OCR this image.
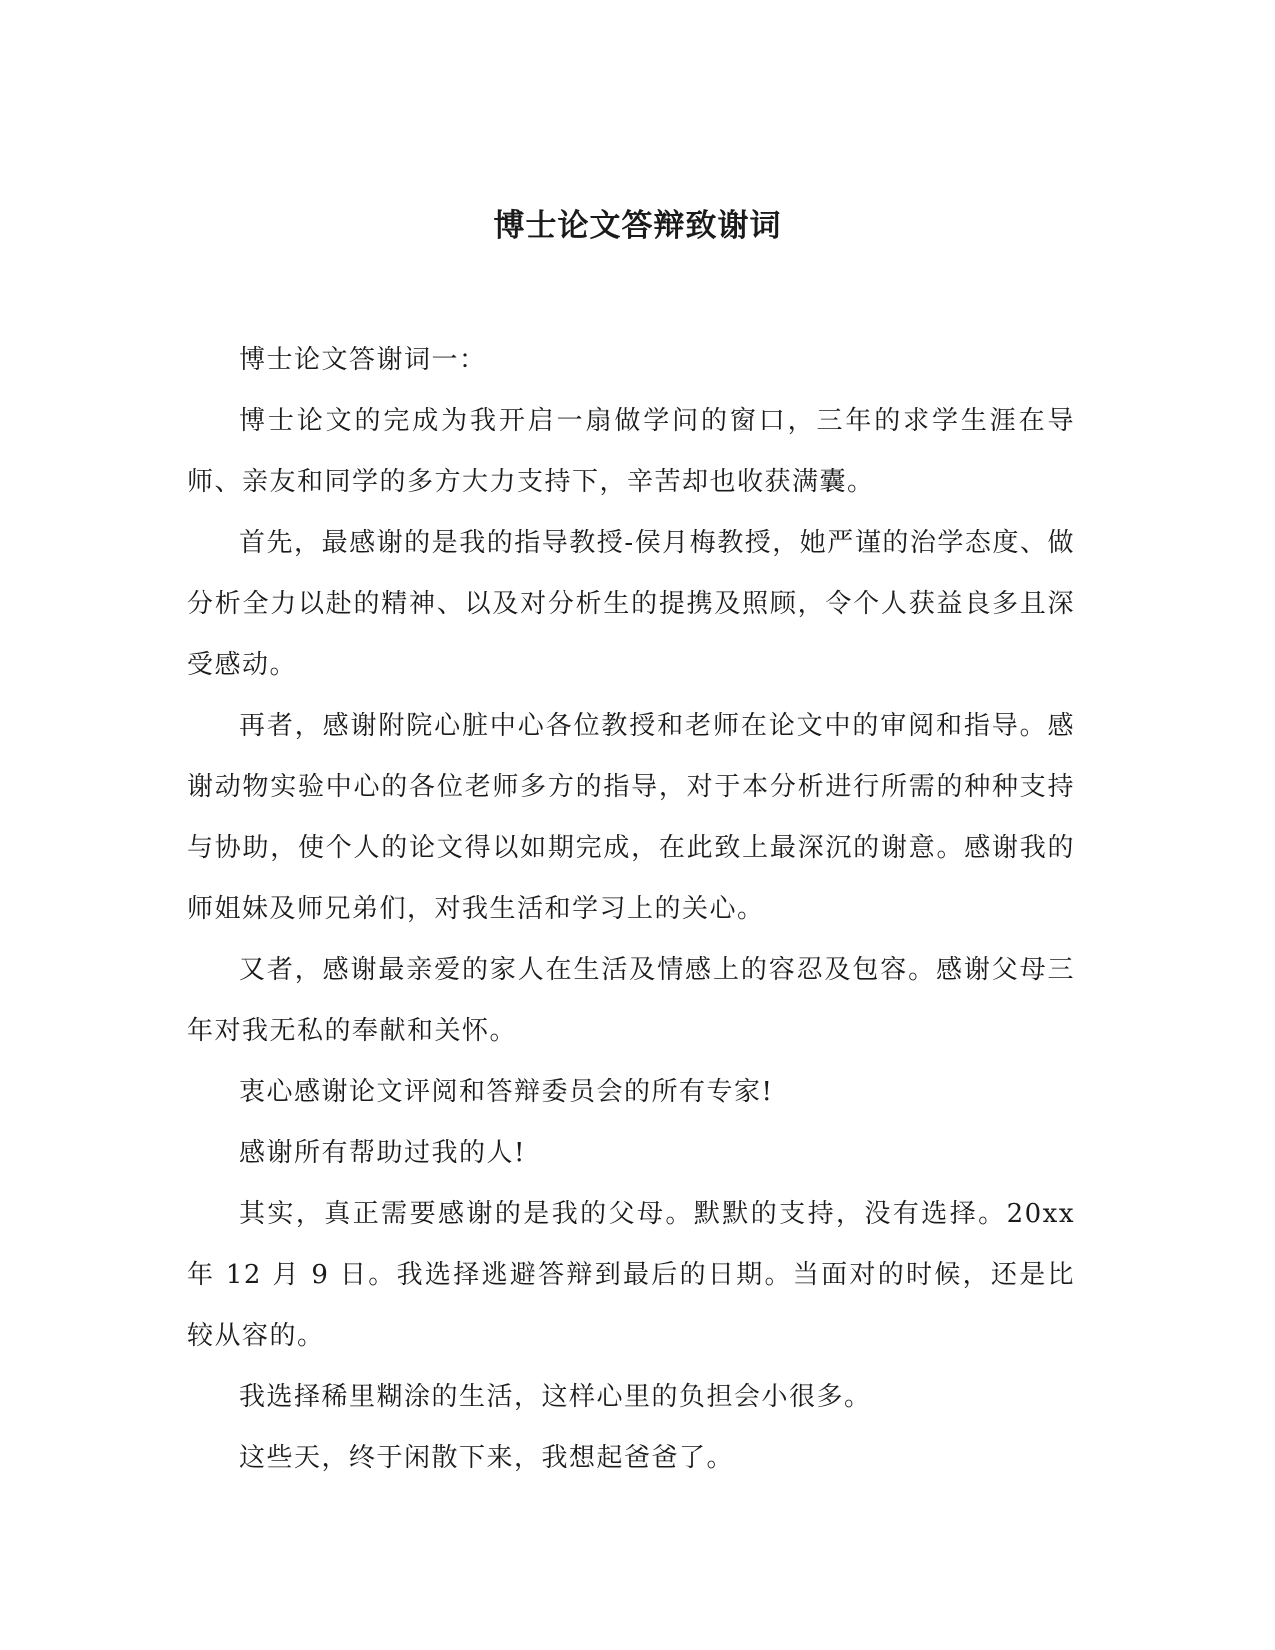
博士论文答辩致谢词

博士论文答谢词一：

博士论文的完成为我开启一扇做学问的窗口，三年的求学生涯在导师、亲友和同学的多方大力支持下，辛苦却也收获满囊。

首先，最感谢的是我的指导教授-侯月梅教授，她严谨的治学态度、做分析全力以赴的精神、以及对分析生的提携及照顾，令个人获益良多且深受感动。

再者，感谢附院心脏中心各位教授和老师在论文中的审阅和指导。感谢动物实验中心的各位老师多方的指导，对于本分析进行所需的种种支持与协助，使个人的论文得以如期完成，在此致上最深沉的谢意。感谢我的师姐妹及师兄弟们，对我生活和学习上的关心。

又者，感谢最亲爱的家人在生活及情感上的容忍及包容。感谢父母三年对我无私的奉献和关怀。

衷心感谢论文评阅和答辩委员会的所有专家!

感谢所有帮助过我的人!

其实，真正需要感谢的是我的父母。默默的支持，没有选择。20xx 年 12 月 9 日。我选择逃避答辩到最后的日期。当面对的时候，还是比较从容的。

我选择稀里糊涂的生活，这样心里的负担会小很多。

这些天，终于闲散下来，我想起爸爸了。
